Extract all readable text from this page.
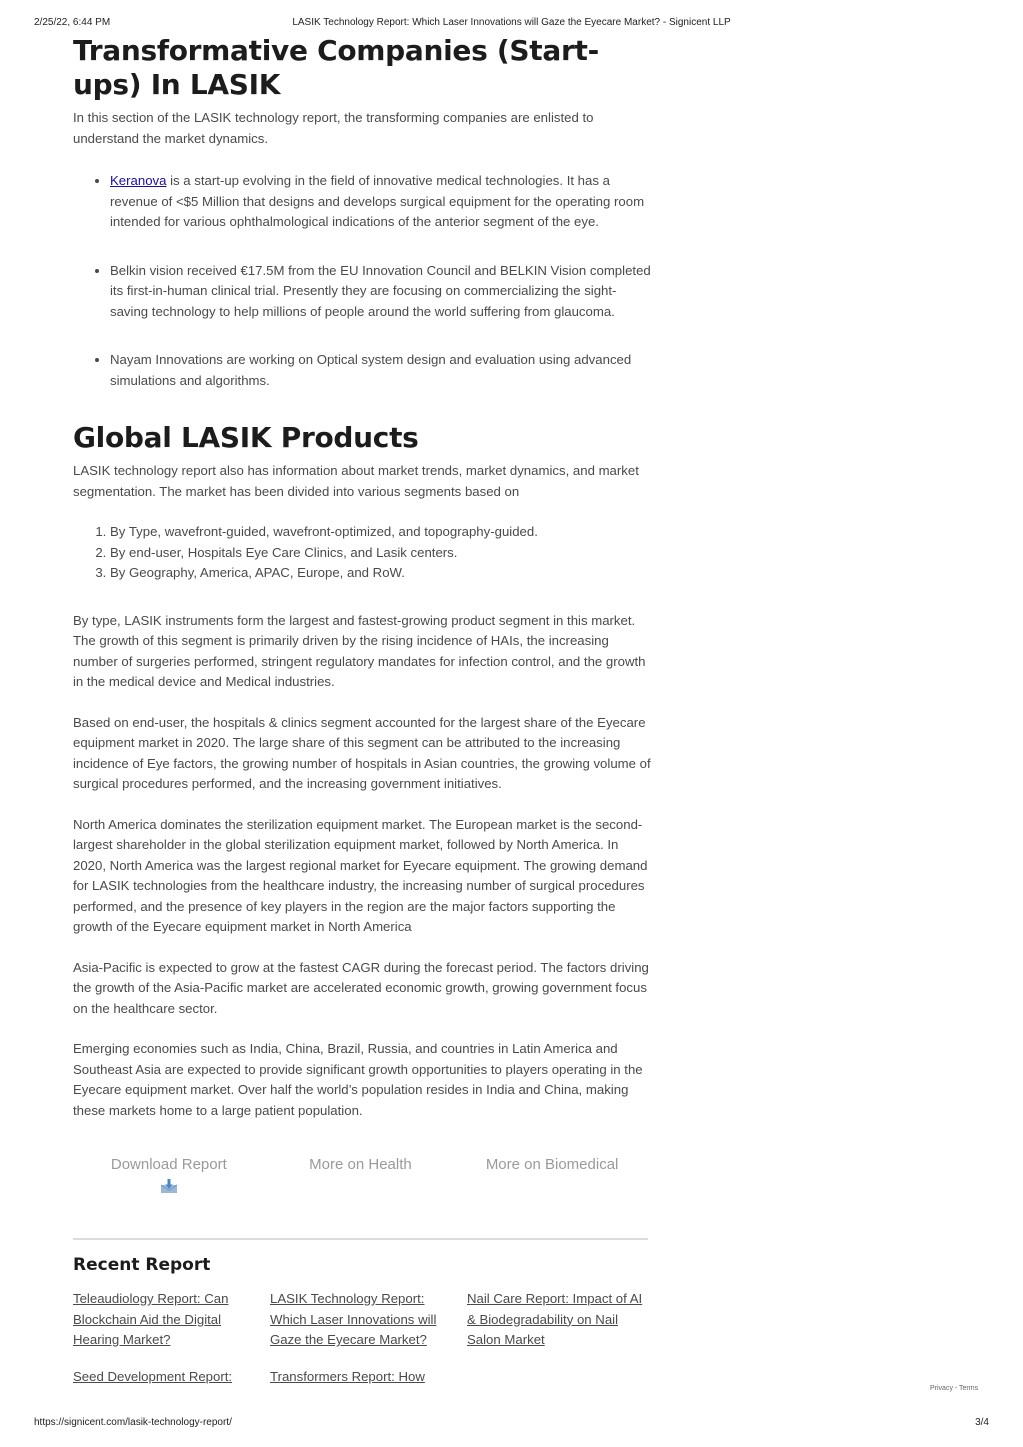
2/25/22, 6:44 PM	LASIK Technology Report: Which Laser Innovations will Gaze the Eyecare Market? - Signicent LLP
Transformative Companies (Start-ups) In LASIK

In this section of the LASIK technology report, the transforming companies are enlisted to understand the market dynamics.

• Keranova is a start-up evolving in the field of innovative medical technologies. It has a revenue of <$5 Million that designs and develops surgical equipment for the operating room intended for various ophthalmological indications of the anterior segment of the eye.
• Belkin vision received €17.5M from the EU Innovation Council and BELKIN Vision completed its first-in-human clinical trial. Presently they are focusing on commercializing the sight-saving technology to help millions of people around the world suffering from glaucoma.
• Nayam Innovations are working on Optical system design and evaluation using advanced simulations and algorithms.
Global LASIK Products

LASIK technology report also has information about market trends, market dynamics, and market segmentation. The market has been divided into various segments based on

1. By Type, wavefront-guided, wavefront-optimized, and topography-guided.
2. By end-user, Hospitals Eye Care Clinics, and Lasik centers.
3. By Geography, America, APAC, Europe, and RoW.

By type, LASIK instruments form the largest and fastest-growing product segment in this market. The growth of this segment is primarily driven by the rising incidence of HAIs, the increasing number of surgeries performed, stringent regulatory mandates for infection control, and the growth in the medical device and Medical industries.

Based on end-user, the hospitals & clinics segment accounted for the largest share of the Eyecare equipment market in 2020. The large share of this segment can be attributed to the increasing incidence of Eye factors, the growing number of hospitals in Asian countries, the growing volume of surgical procedures performed, and the increasing government initiatives.

North America dominates the sterilization equipment market. The European market is the second-largest shareholder in the global sterilization equipment market, followed by North America. In 2020, North America was the largest regional market for Eyecare equipment. The growing demand for LASIK technologies from the healthcare industry, the increasing number of surgical procedures performed, and the presence of key players in the region are the major factors supporting the growth of the Eyecare equipment market in North America

Asia-Pacific is expected to grow at the fastest CAGR during the forecast period. The factors driving the growth of the Asia-Pacific market are accelerated economic growth, growing government focus on the healthcare sector.

Emerging economies such as India, China, Brazil, Russia, and countries in Latin America and Southeast Asia are expected to provide significant growth opportunities to players operating in the Eyecare equipment market. Over half the world’s population resides in India and China, making these markets home to a large patient population.

Download Report	More on Health	More on Biomedical
Recent Report
Teleaudiology Report: Can Blockchain Aid the Digital Hearing Market?
LASIK Technology Report: Which Laser Innovations will Gaze the Eyecare Market?
Nail Care Report: Impact of AI & Biodegradability on Nail Salon Market
Seed Development Report:	Transformers Report: How
Privacy - Terms
https://signicent.com/lasik-technology-report/	3/4
